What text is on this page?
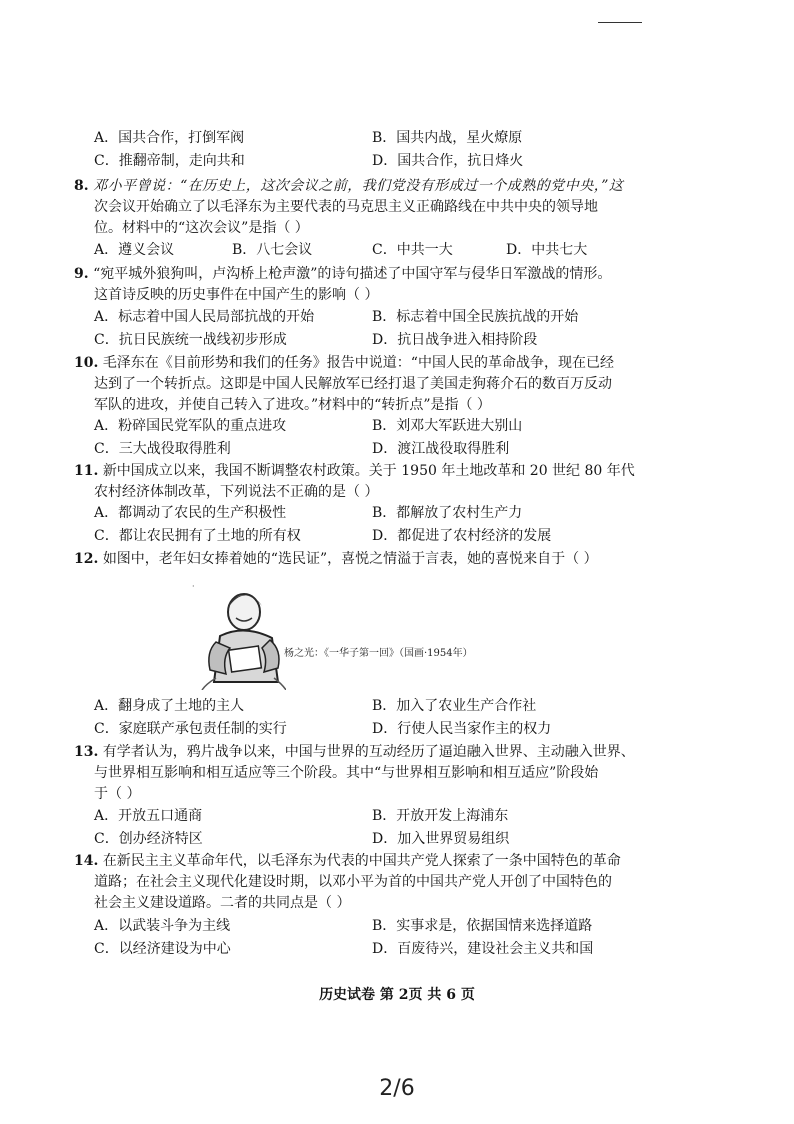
A．国共合作，打倒军阀	B．国共内战，星火燎原
C．推翻帝制，走向共和	D．国共合作，抗日烽火
8. 邓小平曾说：“在历史上，这次会议之前，我们党没有形成过一个成熟的党中央，”这
次会议开始确立了以毛泽东为主要代表的马克思主义正确路线在中共中央的领导地
位。材料中的“这次会议”是指（ ）
A．遵义会议	B．八七会议	C．中共一大	D．中共七大
9. “宛平城外狼狗叫，卢沟桥上枪声激”的诗句描述了中国守军与侵华日军激战的情形。
这首诗反映的历史事件在中国产生的影响（ ）
A．标志着中国人民局部抗战的开始	B．标志着中国全民族抗战的开始
C．抗日民族统一战线初步形成	D．抗日战争进入相持阶段
10. 毛泽东在《目前形势和我们的任务》报告中说道：“中国人民的革命战争，现在已经
达到了一个转折点。这即是中国人民解放军已经打退了美国走狗蒋介石的数百万反动
军队的进攻，并使自己转入了进攻。”材料中的“转折点”是指（ ）
A．粉碎国民党军队的重点进攻	B．刘邓大军跃进大别山
C．三大战役取得胜利	D．渡江战役取得胜利
11. 新中国成立以来，我国不断调整农村政策。关于 1950 年土地改革和 20 世纪 80 年代
农村经济体制改革，下列说法不正确的是（ ）
A．都调动了农民的生产积极性	B．都解放了农村生产力
C．都让农民拥有了土地的所有权	D．都促进了农村经济的发展
12. 如图中，老年妇女捧着她的“选民证”，喜悦之情溢于言表，她的喜悦来自于（ ）
·
杨之光：《一华子第一回》（国画·1954年）
A．翻身成了土地的主人	B．加入了农业生产合作社
C．家庭联产承包责任制的实行	D．行使人民当家作主的权力
13. 有学者认为，鸦片战争以来，中国与世界的互动经历了逼迫融入世界、主动融入世界、
与世界相互影响和相互适应等三个阶段。其中“与世界相互影响和相互适应”阶段始
于（ ）
A．开放五口通商	B．开放开发上海浦东
C．创办经济特区	D．加入世界贸易组织
14. 在新民主主义革命年代，以毛泽东为代表的中国共产党人探索了一条中国特色的革命
道路；在社会主义现代化建设时期，以邓小平为首的中国共产党人开创了中国特色的
社会主义建设道路。二者的共同点是（ ）
A．以武装斗争为主线	B．实事求是，依据国情来选择道路
C．以经济建设为中心	D．百废待兴，建设社会主义共和国
历史试卷 第 2页 共 6 页
2/6
